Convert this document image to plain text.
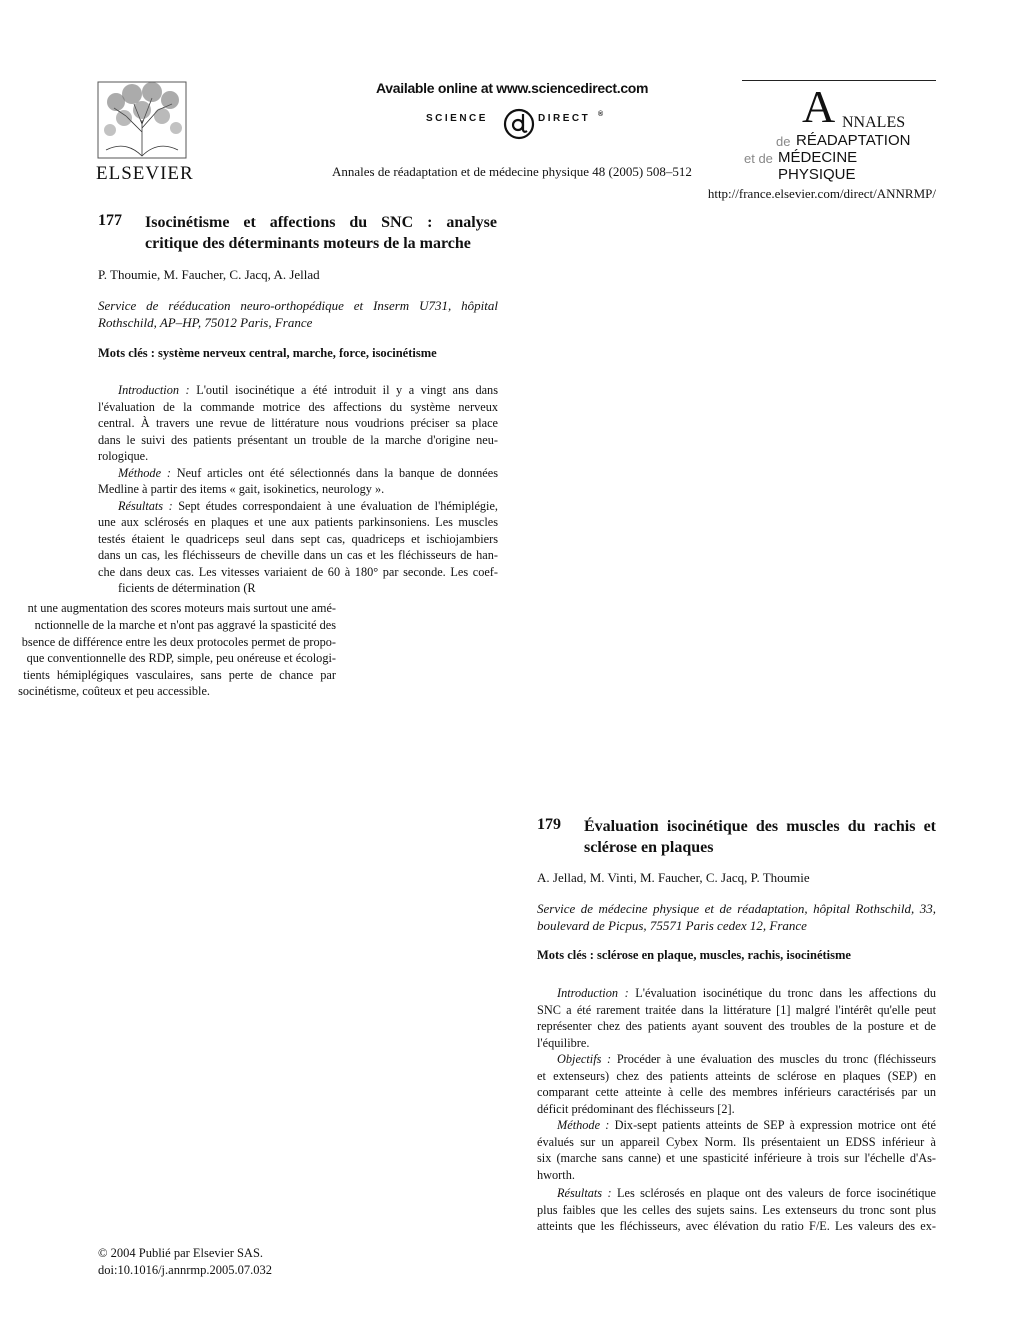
ELSEVIER
Available online at www.sciencedirect.com
SCIENCE	DIRECT ®
Annales de réadaptation et de médecine physique 48 (2005) 508–512
A NNALES
de RÉADAPTATION
et de MÉDECINE PHYSIQUE
http://france.elsevier.com/direct/ANNRMP/
177 Isocinétisme et affections du SNC : analyse
critique des déterminants moteurs de la marche
P. Thoumie, M. Faucher, C. Jacq, A. Jellad
Service de rééducation neuro-orthopédique et Inserm U731, hôpital
Rothschild, AP–HP, 75012 Paris, France
Mots clés : système nerveux central, marche, force, isocinétisme
Introduction : L'outil isocinétique a été introduit il y a vingt ans dans
l'évaluation de la commande motrice des affections du système nerveux
central. À travers une revue de littérature nous voudrions préciser sa place
dans le suivi des patients présentant un trouble de la marche d'origine neu-
rologique.
Méthode : Neuf articles ont été sélectionnés dans la banque de données
Medline à partir des items « gait, isokinetics, neurology ».
Résultats : Sept études correspondaient à une évaluation de l'hémiplégie,
une aux sclérosés en plaques et une aux patients parkinsoniens. Les muscles
testés étaient le quadriceps seul dans sept cas, quadriceps et ischiojambiers
dans un cas, les fléchisseurs de cheville dans un cas et les fléchisseurs de han-
che dans deux cas. Les vitesses variaient de 60 à 180° par seconde. Les coef-
ficients de détermination (R
nt une augmentation des scores moteurs mais surtout une amé-
nctionnelle de la marche et n'ont pas aggravé la spasticité des
bsence de différence entre les deux protocoles permet de propo-
que conventionnelle des RDP, simple, peu onéreuse et écologi-
tients hémiplégiques vasculaires, sans perte de chance par
socinétisme, coûteux et peu accessible.
179 Évaluation isocinétique des muscles du rachis et
sclérose en plaques
A. Jellad, M. Vinti, M. Faucher, C. Jacq, P. Thoumie
Service de médecine physique et de réadaptation, hôpital Rothschild, 33,
boulevard de Picpus, 75571 Paris cedex 12, France
Mots clés : sclérose en plaque, muscles, rachis, isocinétisme
Introduction : L'évaluation isocinétique du tronc dans les affections du
SNC a été rarement traitée dans la littérature [1] malgré l'intérêt qu'elle peut
représenter chez des patients ayant souvent des troubles de la posture et de
l'équilibre.
Objectifs : Procéder à une évaluation des muscles du tronc (fléchisseurs
et extenseurs) chez des patients atteints de sclérose en plaques (SEP) en
comparant cette atteinte à celle des membres inférieurs caractérisés par un
déficit prédominant des fléchisseurs [2].
Méthode : Dix-sept patients atteints de SEP à expression motrice ont été
évalués sur un appareil Cybex Norm. Ils présentaient un EDSS inférieur à
six (marche sans canne) et une spasticité inférieure à trois sur l'échelle d'As-
hworth.
Résultats : Les sclérosés en plaque ont des valeurs de force isocinétique
plus faibles que les celles des sujets sains. Les extenseurs du tronc sont plus
atteints que les fléchisseurs, avec élévation du ratio F/E. Les valeurs des ex-
© 2004 Publié par Elsevier SAS.
doi:10.1016/j.annrmp.2005.07.032
